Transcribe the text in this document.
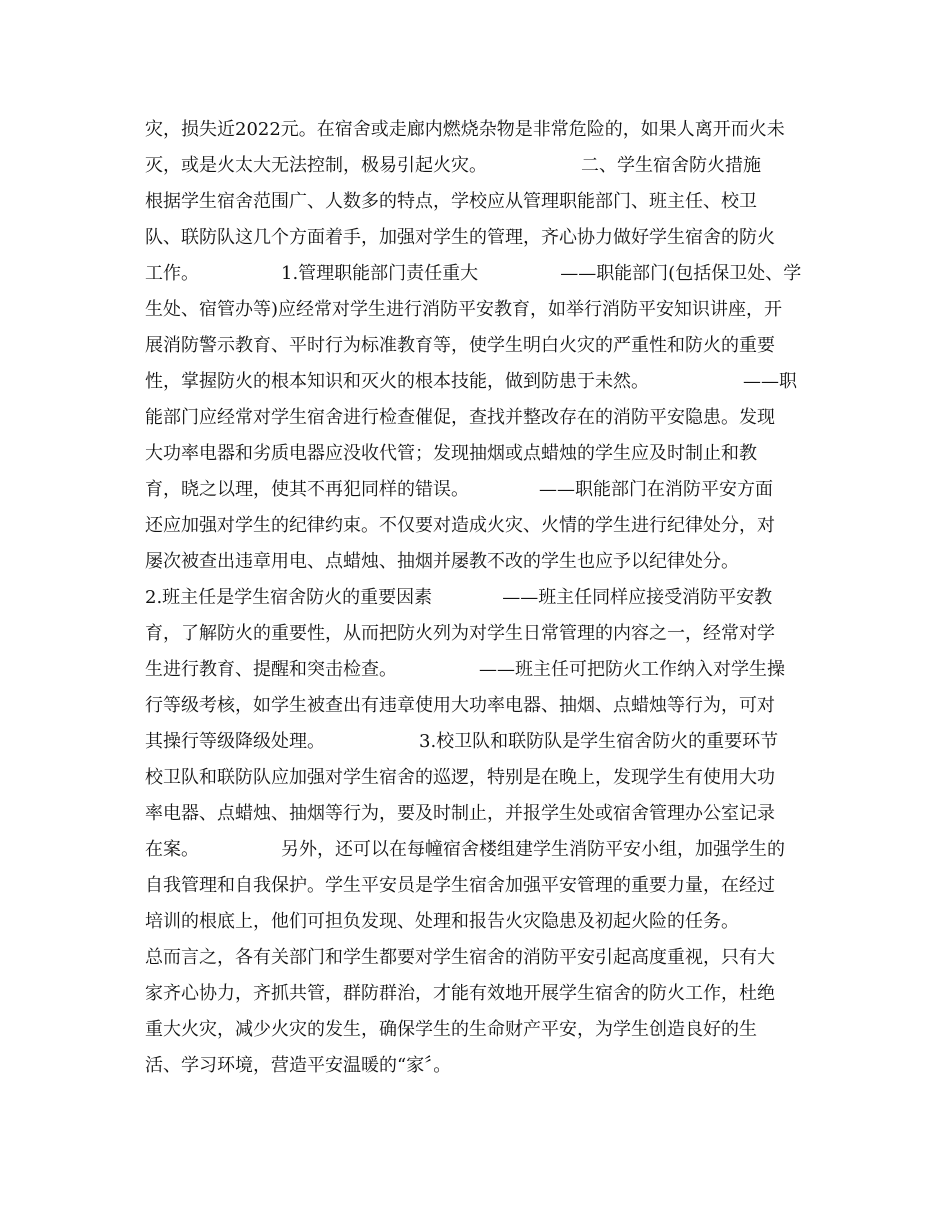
灾，损失近2022元。在宿舍或走廊内燃烧杂物是非常危险的，如果人离开而火未
灭，或是火太大无法控制，极易引起火灾。	二、学生宿舍防火措施
根据学生宿舍范围广、人数多的特点，学校应从管理职能部门、班主任、校卫
队、联防队这几个方面着手，加强对学生的管理，齐心协力做好学生宿舍的防火
工作。	1.管理职能部门责任重大	——职能部门(包括保卫处、学
生处、宿管办等)应经常对学生进行消防平安教育，如举行消防平安知识讲座，开
展消防警示教育、平时行为标准教育等，使学生明白火灾的严重性和防火的重要
性，掌握防火的根本知识和灭火的根本技能，做到防患于未然。	——职
能部门应经常对学生宿舍进行检查催促，查找并整改存在的消防平安隐患。发现
大功率电器和劣质电器应没收代管；发现抽烟或点蜡烛的学生应及时制止和教
育，晓之以理，使其不再犯同样的错误。	——职能部门在消防平安方面
还应加强对学生的纪律约束。不仅要对造成火灾、火情的学生进行纪律处分，对
屡次被查出违章用电、点蜡烛、抽烟并屡教不改的学生也应予以纪律处分。
2.班主任是学生宿舍防火的重要因素	——班主任同样应接受消防平安教
育，了解防火的重要性，从而把防火列为对学生日常管理的内容之一，经常对学
生进行教育、提醒和突击检查。	——班主任可把防火工作纳入对学生操
行等级考核，如学生被查出有违章使用大功率电器、抽烟、点蜡烛等行为，可对
其操行等级降级处理。	3.校卫队和联防队是学生宿舍防火的重要环节
校卫队和联防队应加强对学生宿舍的巡逻，特别是在晚上，发现学生有使用大功
率电器、点蜡烛、抽烟等行为，要及时制止，并报学生处或宿舍管理办公室记录
在案。	另外，还可以在每幢宿舍楼组建学生消防平安小组，加强学生的
自我管理和自我保护。学生平安员是学生宿舍加强平安管理的重要力量，在经过
培训的根底上，他们可担负发现、处理和报告火灾隐患及初起火险的任务。
总而言之，各有关部门和学生都要对学生宿舍的消防平安引起高度重视，只有大
家齐心协力，齐抓共管，群防群治，才能有效地开展学生宿舍的防火工作，杜绝
重大火灾，减少火灾的发生，确保学生的生命财产平安，为学生创造良好的生
活、学习环境，营造平安温暖的“家〞。
